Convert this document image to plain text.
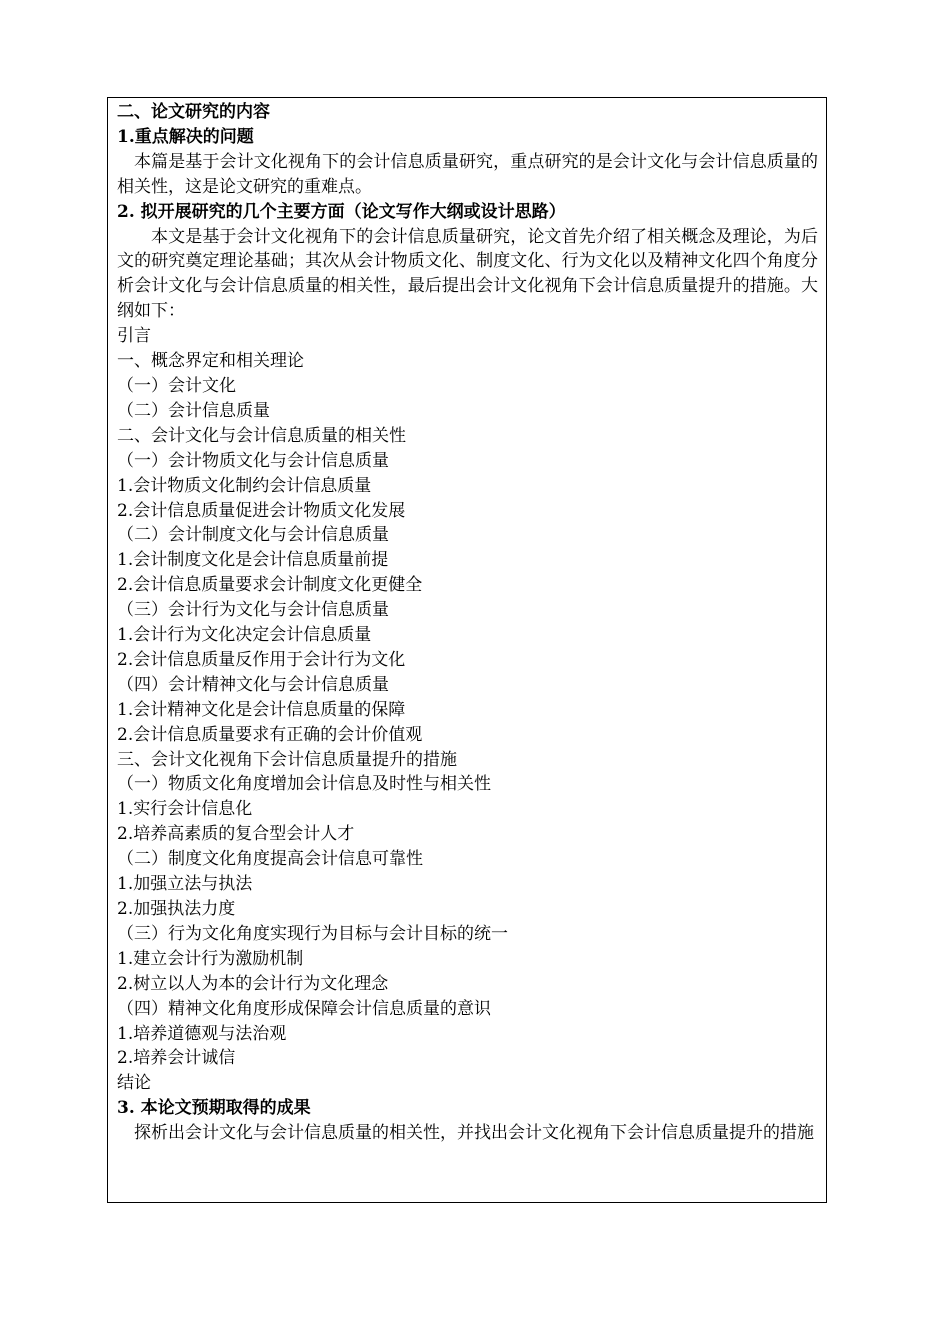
二、论文研究的内容
1.重点解决的问题
本篇是基于会计文化视角下的会计信息质量研究，重点研究的是会计文化与会计信息质量的相关性，这是论文研究的重难点。
2. 拟开展研究的几个主要方面（论文写作大纲或设计思路）
本文是基于会计文化视角下的会计信息质量研究，论文首先介绍了相关概念及理论，为后文的研究奠定理论基础；其次从会计物质文化、制度文化、行为文化以及精神文化四个角度分析会计文化与会计信息质量的相关性，最后提出会计文化视角下会计信息质量提升的措施。大纲如下：
引言
一、概念界定和相关理论
（一）会计文化
（二）会计信息质量
二、会计文化与会计信息质量的相关性
（一）会计物质文化与会计信息质量
1.会计物质文化制约会计信息质量
2.会计信息质量促进会计物质文化发展
（二）会计制度文化与会计信息质量
1.会计制度文化是会计信息质量前提
2.会计信息质量要求会计制度文化更健全
（三）会计行为文化与会计信息质量
1.会计行为文化决定会计信息质量
2.会计信息质量反作用于会计行为文化
（四）会计精神文化与会计信息质量
1.会计精神文化是会计信息质量的保障
2.会计信息质量要求有正确的会计价值观
三、会计文化视角下会计信息质量提升的措施
（一）物质文化角度增加会计信息及时性与相关性
1.实行会计信息化
2.培养高素质的复合型会计人才
（二）制度文化角度提高会计信息可靠性
1.加强立法与执法
2.加强执法力度
（三）行为文化角度实现行为目标与会计目标的统一
1.建立会计行为激励机制
2.树立以人为本的会计行为文化理念
（四）精神文化角度形成保障会计信息质量的意识
1.培养道德观与法治观
2.培养会计诚信
结论
3. 本论文预期取得的成果
探析出会计文化与会计信息质量的相关性，并找出会计文化视角下会计信息质量提升的措施
